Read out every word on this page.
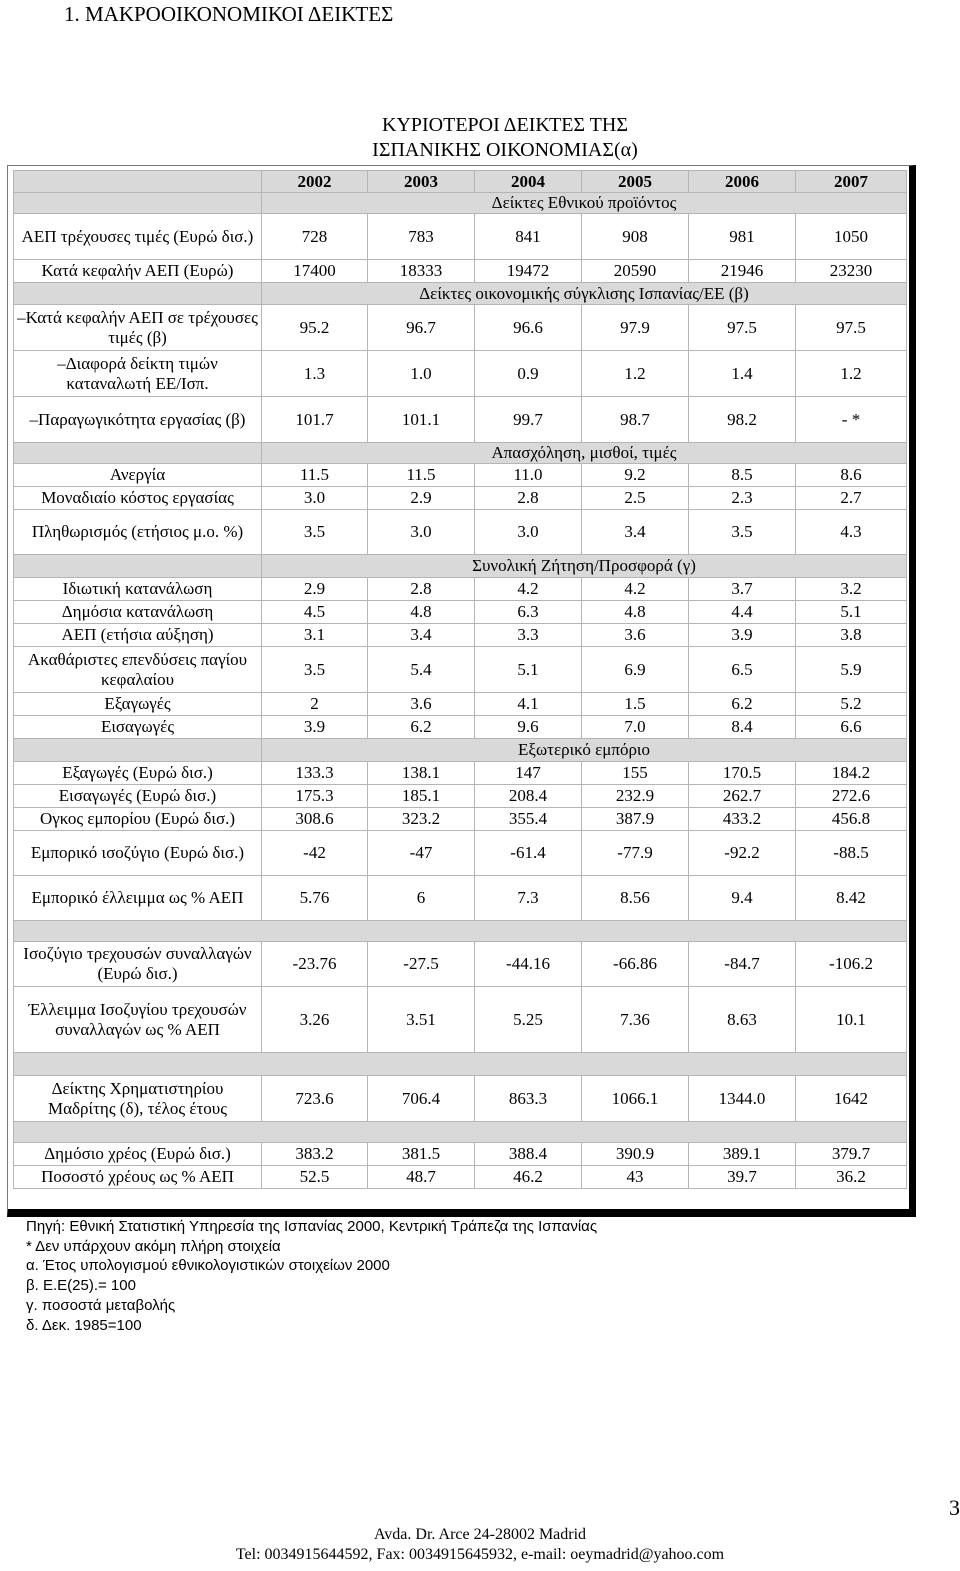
1. ΜΑΚΡΟΟΙΚΟΝΟΜΙΚΟΙ ΔΕΙΚΤΕΣ
ΚΥΡΙΟΤΕΡΟΙ ΔΕΙΚΤΕΣ ΤΗΣ
ΙΣΠΑΝΙΚΗΣ ΟΙΚΟΝΟΜΙΑΣ(α)
	2002	2003	2004	2005	2006	2007
	Δείκτες Εθνικού προϊόντος					
ΑΕΠ τρέχουσες τιμές (Ευρώ δισ.)	728	783	841	908	981	1050
Κατά κεφαλήν ΑΕΠ (Ευρώ)	17400	18333	19472	20590	21946	23230
	Δείκτες οικονομικής σύγκλισης Ισπανίας/ΕΕ (β)					
–Κατά κεφαλήν ΑΕΠ σε τρέχουσες τιμές (β)	95.2	96.7	96.6	97.9	97.5	97.5
–Διαφορά δείκτη τιμών καταναλωτή ΕΕ/Ισπ.	1.3	1.0	0.9	1.2	1.4	1.2
–Παραγωγικότητα εργασίας (β)	101.7	101.1	99.7	98.7	98.2	- *
	Απασχόληση, μισθοί, τιμές					
Ανεργία	11.5	11.5	11.0	9.2	8.5	8.6
Μοναδιαίο κόστος εργασίας	3.0	2.9	2.8	2.5	2.3	2.7
Πληθωρισμός (ετήσιος μ.ο. %)	3.5	3.0	3.0	3.4	3.5	4.3
	Συνολική Ζήτηση/Προσφορά (γ)					
Ιδιωτική κατανάλωση	2.9	2.8	4.2	4.2	3.7	3.2
Δημόσια κατανάλωση	4.5	4.8	6.3	4.8	4.4	5.1
ΑΕΠ (ετήσια αύξηση)	3.1	3.4	3.3	3.6	3.9	3.8
Ακαθάριστες επενδύσεις παγίου κεφαλαίου	3.5	5.4	5.1	6.9	6.5	5.9
Εξαγωγές	2	3.6	4.1	1.5	6.2	5.2
Εισαγωγές	3.9	6.2	9.6	7.0	8.4	6.6
	Εξωτερικό εμπόριο					
Εξαγωγές (Ευρώ δισ.)	133.3	138.1	147	155	170.5	184.2
Εισαγωγές (Ευρώ δισ.)	175.3	185.1	208.4	232.9	262.7	272.6
Ογκος εμπορίου (Ευρώ δισ.)	308.6	323.2	355.4	387.9	433.2	456.8
Εμπορικό ισοζύγιο (Ευρώ δισ.)	-42	-47	-61.4	-77.9	-92.2	-88.5
Εμπορικό έλλειμμα ως % ΑΕΠ	5.76	6	7.3	8.56	9.4	8.42

Ισοζύγιο τρεχουσών συναλλαγών (Ευρώ δισ.)	-23.76	-27.5	-44.16	-66.86	-84.7	-106.2
Έλλειμμα Ισοζυγίου τρεχουσών συναλλαγών ως % ΑΕΠ	3.26	3.51	5.25	7.36	8.63	10.1

Δείκτης Χρηματιστηρίου Μαδρίτης (δ), τέλος έτους	723.6	706.4	863.3	1066.1	1344.0	1642

Δημόσιο χρέος (Ευρώ δισ.)	383.2	381.5	388.4	390.9	389.1	379.7
Ποσοστό χρέους ως % ΑΕΠ	52.5	48.7	46.2	43	39.7	36.2
Πηγή: Εθνική Στατιστική Υπηρεσία της Ισπανίας 2000, Κεντρική Τράπεζα της Ισπανίας
* Δεν υπάρχουν ακόμη πλήρη στοιχεία
α. Έτος υπολογισμού εθνικολογιστικών στοιχείων 2000
β. Ε.Ε(25).= 100
γ. ποσοστά μεταβολής
δ. Δεκ. 1985=100
3
Avda. Dr. Arce 24-28002 Madrid
Tel: 0034915644592, Fax: 0034915645932, e-mail: oeymadrid@yahoo.com
